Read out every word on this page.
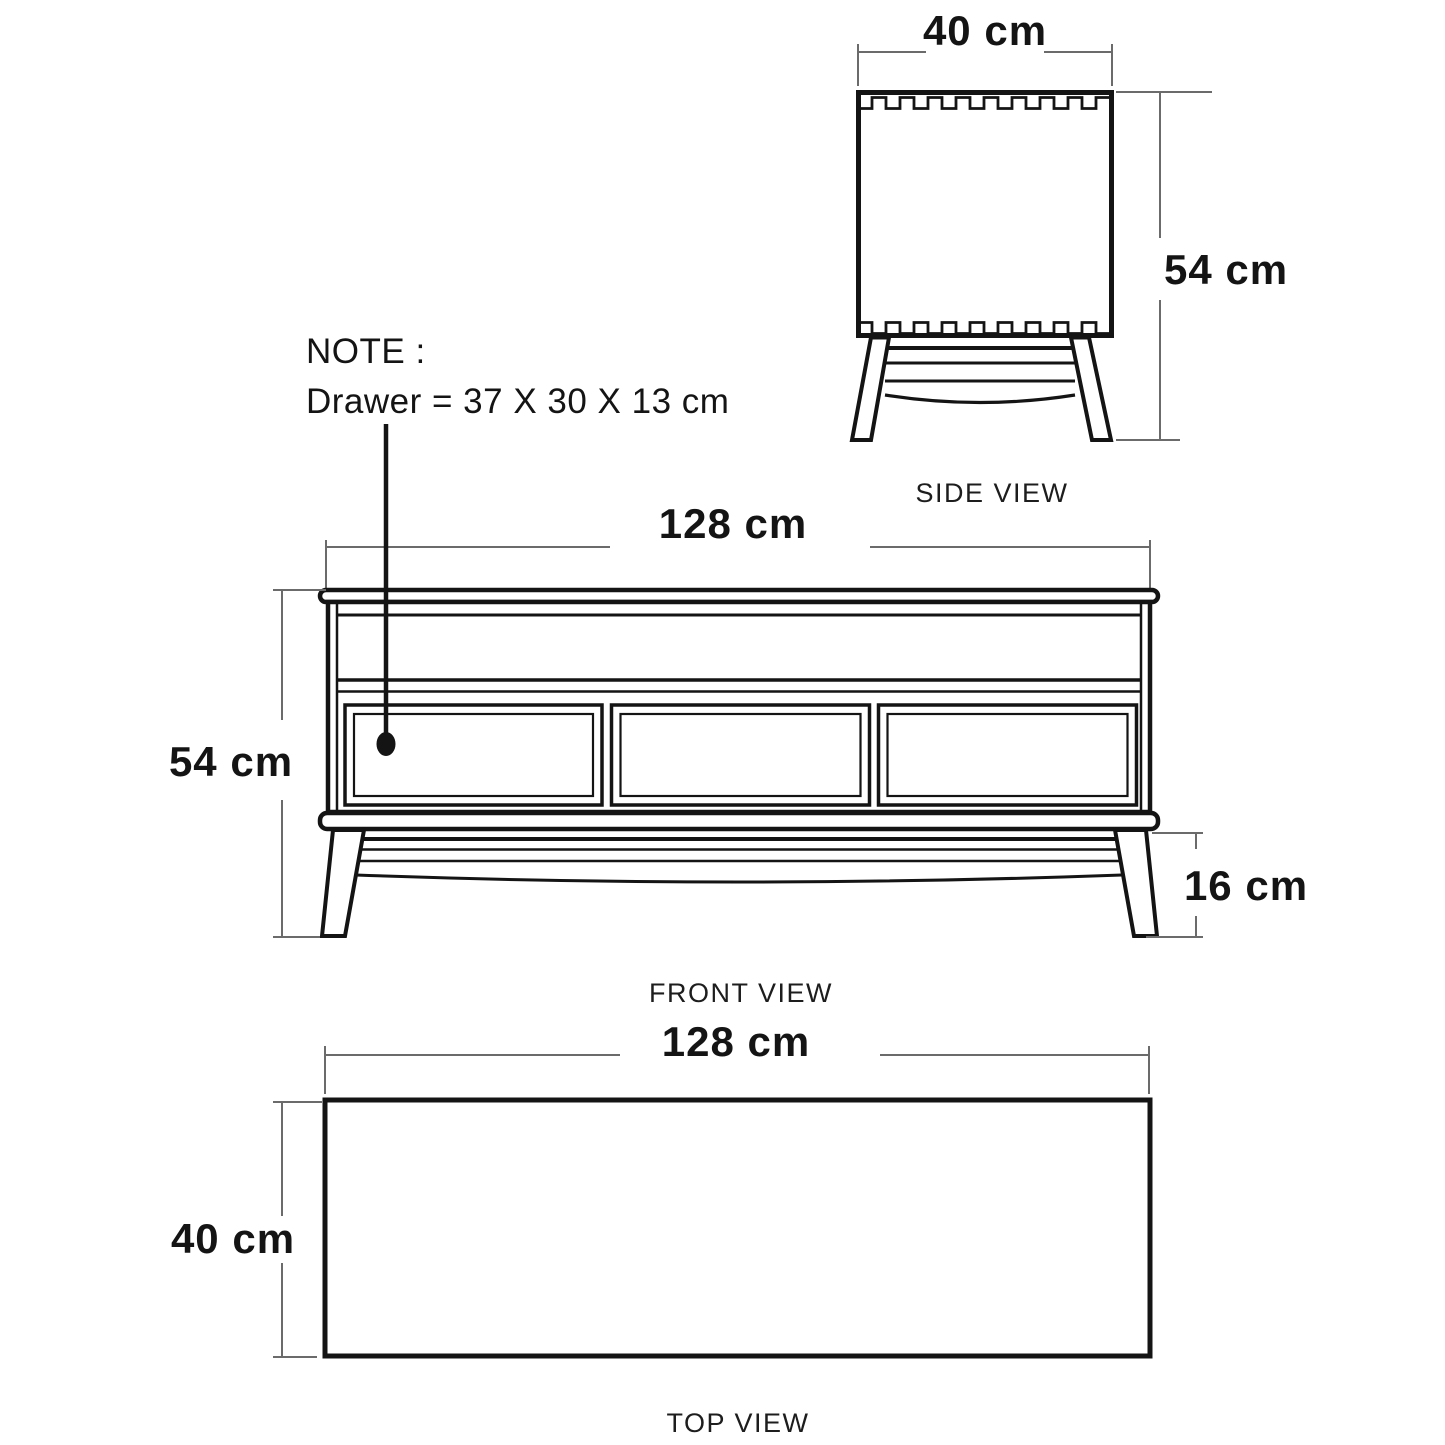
40 cm
54 cm
SIDE VIEW
128 cm
54 cm
16 cm
FRONT VIEW
NOTE :
Drawer = 37 X 30 X 13 cm
128 cm
40 cm
TOP VIEW
